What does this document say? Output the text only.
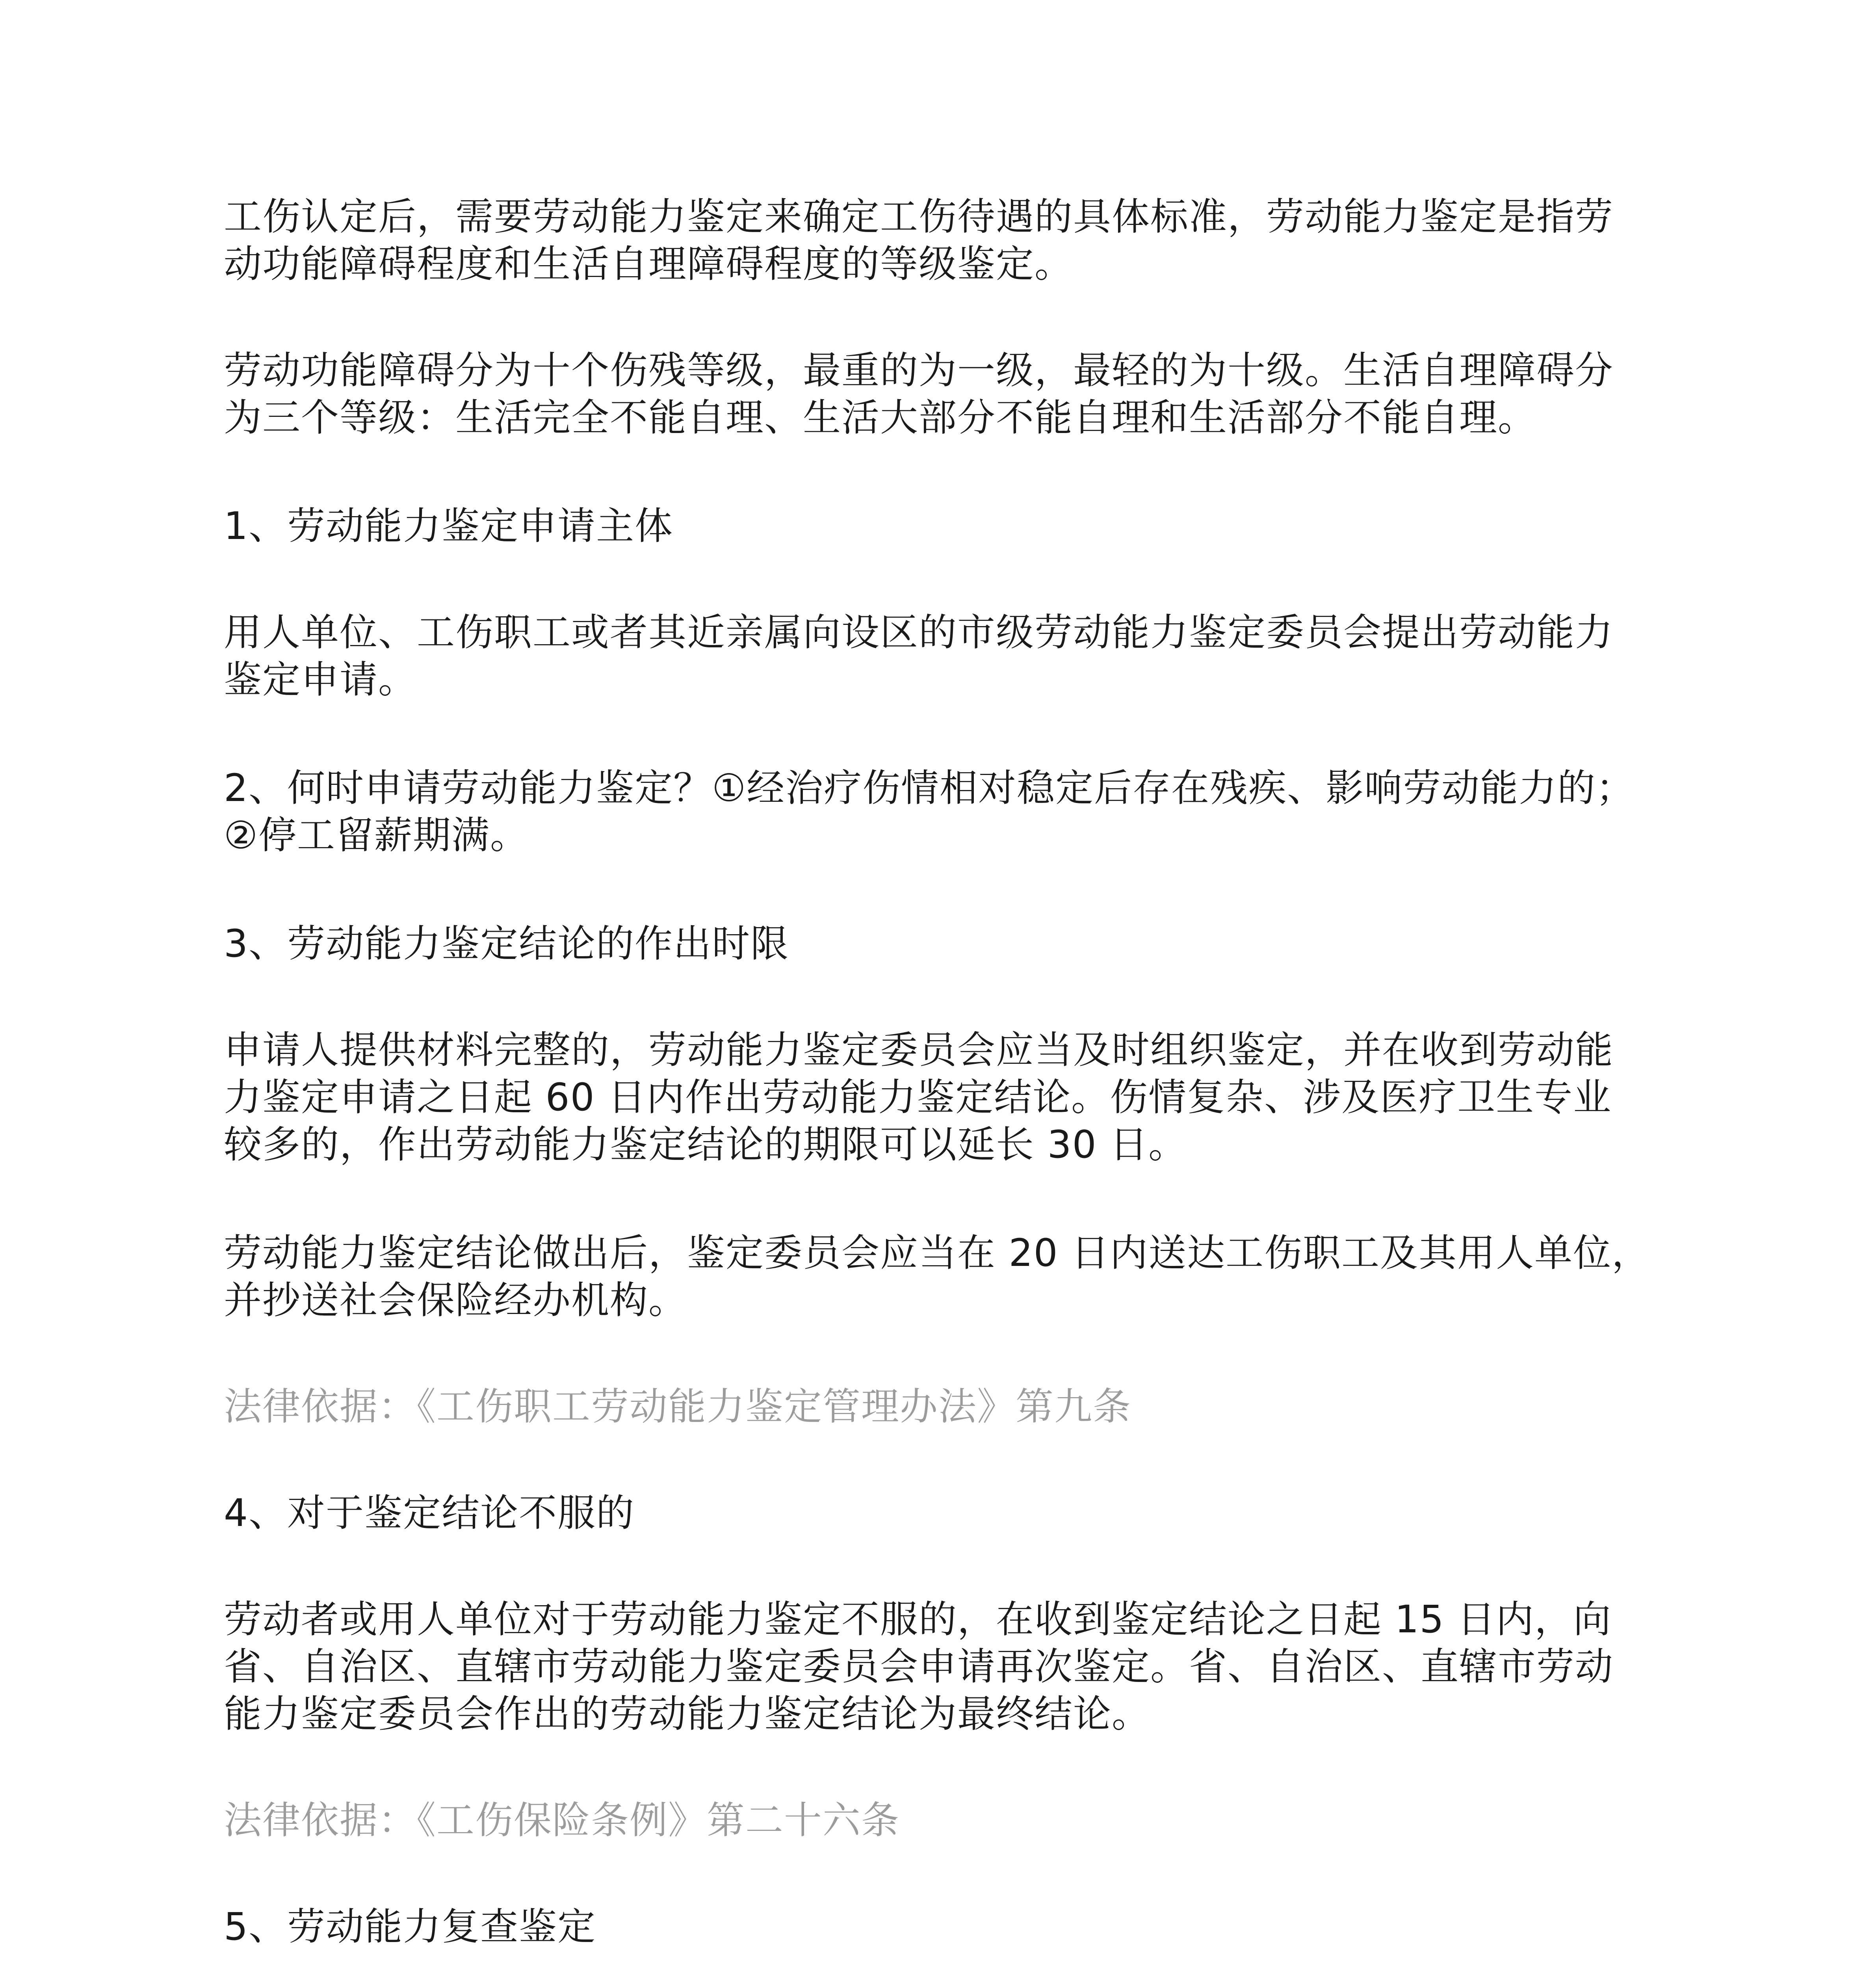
工伤认定后，需要劳动能力鉴定来确定工伤待遇的具体标准，劳动能力鉴定是指劳
动功能障碍程度和生活自理障碍程度的等级鉴定。
劳动功能障碍分为十个伤残等级，最重的为一级，最轻的为十级。生活自理障碍分
为三个等级：生活完全不能自理、生活大部分不能自理和生活部分不能自理。
1、劳动能力鉴定申请主体
用人单位、工伤职工或者其近亲属向设区的市级劳动能力鉴定委员会提出劳动能力
鉴定申请。
2、何时申请劳动能力鉴定？①经治疗伤情相对稳定后存在残疾、影响劳动能力的；
②停工留薪期满。
3、劳动能力鉴定结论的作出时限
申请人提供材料完整的，劳动能力鉴定委员会应当及时组织鉴定，并在收到劳动能
力鉴定申请之日起 60 日内作出劳动能力鉴定结论。伤情复杂、涉及医疗卫生专业
较多的，作出劳动能力鉴定结论的期限可以延长 30 日。
劳动能力鉴定结论做出后，鉴定委员会应当在 20 日内送达工伤职工及其用人单位，
并抄送社会保险经办机构。
法律依据：《工伤职工劳动能力鉴定管理办法》第九条
4、对于鉴定结论不服的
劳动者或用人单位对于劳动能力鉴定不服的，在收到鉴定结论之日起 15 日内，向
省、自治区、直辖市劳动能力鉴定委员会申请再次鉴定。省、自治区、直辖市劳动
能力鉴定委员会作出的劳动能力鉴定结论为最终结论。
法律依据：《工伤保险条例》第二十六条
5、劳动能力复查鉴定
